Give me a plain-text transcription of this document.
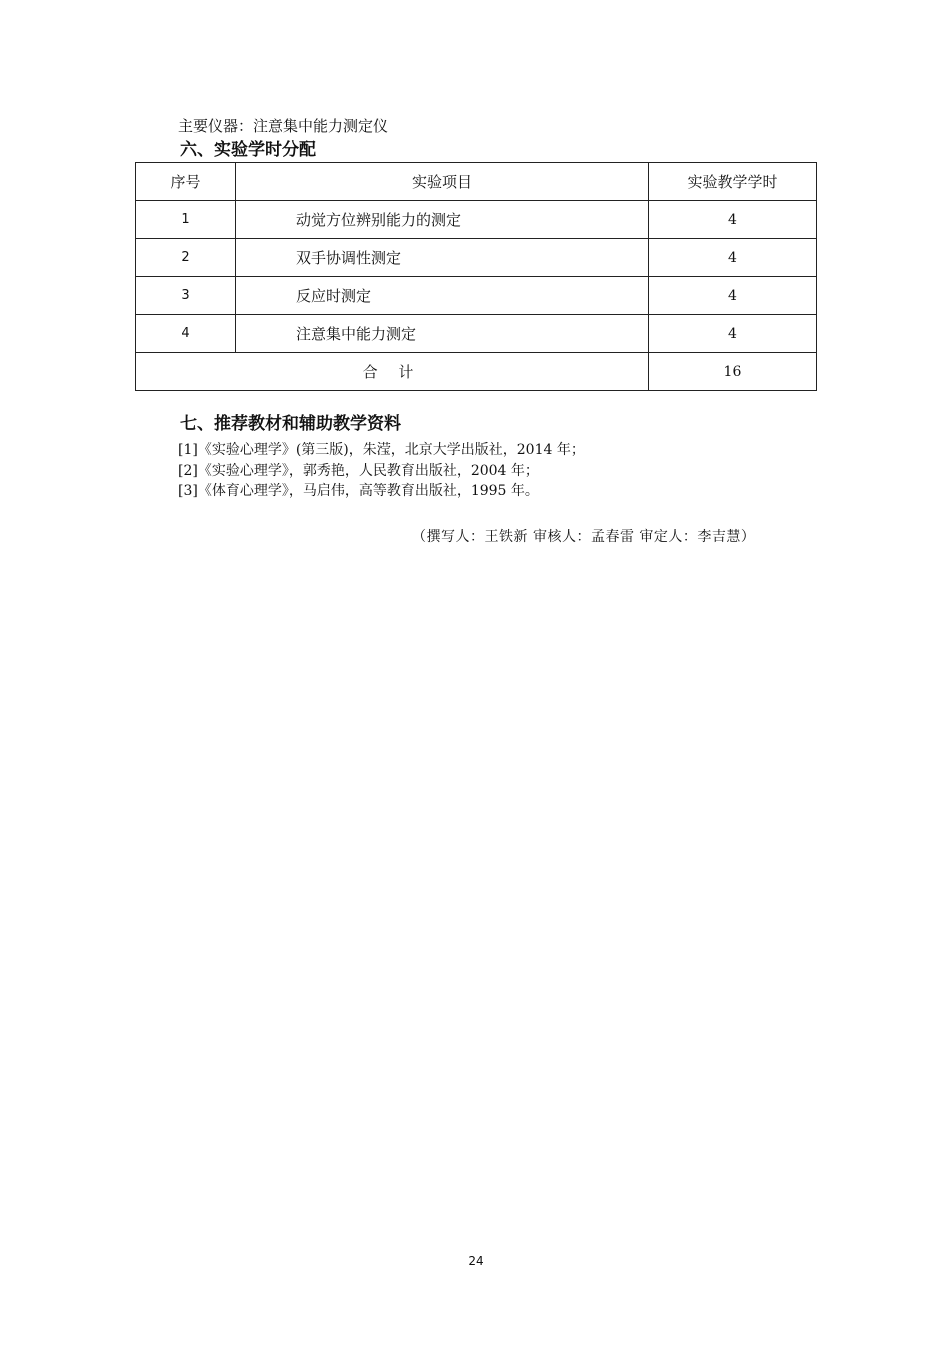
主要仪器：注意集中能力测定仪
六、实验学时分配
序号	实验项目	实验教学学时
1	动觉方位辨别能力的测定	4
2	双手协调性测定	4
3	反应时测定	4
4	注意集中能力测定	4
合 计		16
七、推荐教材和辅助教学资料
[1]《实验心理学》(第三版)，朱滢，北京大学出版社，2014 年；
[2]《实验心理学》，郭秀艳，人民教育出版社，2004 年；
[3]《体育心理学》，马启伟，高等教育出版社，1995 年。
（撰写人：王铁新 审核人：孟春雷 审定人：李吉慧）
24
